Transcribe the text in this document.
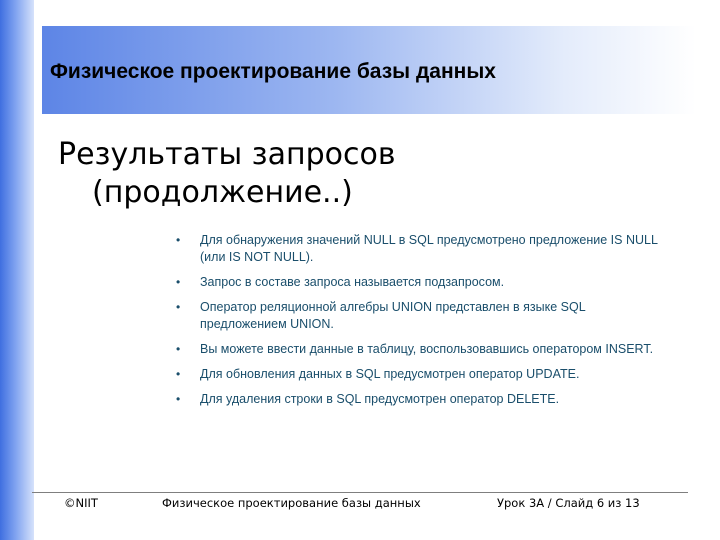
Физическое проектирование базы данных
Результаты запросов
(продолжение..)
• Для обнаружения значений NULL в SQL предусмотрено предложение IS NULL (или IS NOT NULL).
• Запрос в составе запроса называется подзапросом.
• Оператор реляционной алгебры UNION представлен в языке SQL предложением UNION.
• Вы можете ввести данные в таблицу, воспользовавшись оператором INSERT.
• Для обновления данных в SQL предусмотрен оператор UPDATE.
• Для удаления строки в SQL предусмотрен оператор DELETE.
©NIIT	Физическое проектирование базы данных	Урок 3A / Слайд 6 из 13
